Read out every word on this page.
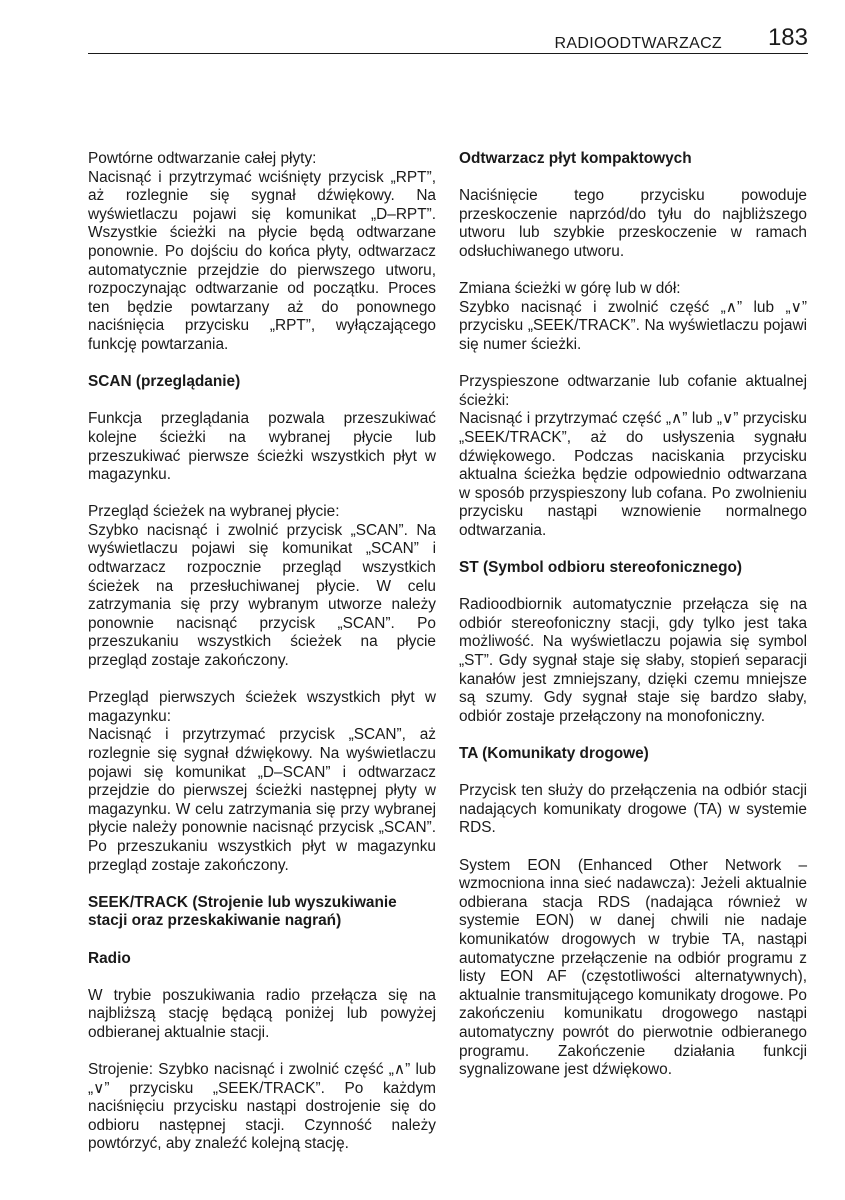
RADIOODTWARZACZ 183

Powtórne odtwarzanie całej płyty:
Nacisnąć i przytrzymać wciśnięty przycisk „RPT”, aż rozlegnie się sygnał dźwiękowy. Na wyświetlaczu pojawi się komunikat „D–RPT”. Wszystkie ścieżki na płycie będą odtwarzane ponownie. Po dojściu do końca płyty, odtwarzacz automatycznie przejdzie do pierwszego utworu, rozpoczynając odtwarzanie od początku. Proces ten będzie powtarzany aż do ponownego naciśnięcia przycisku „RPT”, wyłączającego funkcję powtarzania.

SCAN (przeglądanie)

Funkcja przeglądania pozwala przeszukiwać kolejne ścieżki na wybranej płycie lub przeszukiwać pierwsze ścieżki wszystkich płyt w magazynku.

Przegląd ścieżek na wybranej płycie:
Szybko nacisnąć i zwolnić przycisk „SCAN”. Na wyświetlaczu pojawi się komunikat „SCAN” i odtwarzacz rozpocznie przegląd wszystkich ścieżek na przesłuchiwanej płycie. W celu zatrzymania się przy wybranym utworze należy ponownie nacisnąć przycisk „SCAN”. Po przeszukaniu wszystkich ścieżek na płycie przegląd zostaje zakończony.

Przegląd pierwszych ścieżek wszystkich płyt w magazynku:
Nacisnąć i przytrzymać przycisk „SCAN”, aż rozlegnie się sygnał dźwiękowy. Na wyświetlaczu pojawi się komunikat „D–SCAN” i odtwarzacz przejdzie do pierwszej ścieżki następnej płyty w magazynku. W celu zatrzymania się przy wybranej płycie należy ponownie nacisnąć przycisk „SCAN”. Po przeszukaniu wszystkich płyt w magazynku przegląd zostaje zakończony.

SEEK/TRACK (Strojenie lub wyszukiwanie stacji oraz przeskakiwanie nagrań)
Radio

W trybie poszukiwania radio przełącza się na najbliższą stację będącą poniżej lub powyżej odbieranej aktualnie stacji.

Strojenie: Szybko nacisnąć i zwolnić część „∧” lub „∨” przycisku „SEEK/TRACK”. Po każdym naciśnięciu przycisku nastąpi dostrojenie się do odbioru następnej stacji. Czynność należy powtórzyć, aby znaleźć kolejną stację.

Odtwarzacz płyt kompaktowych

Naciśnięcie tego przycisku powoduje przeskoczenie naprzód/do tyłu do najbliższego utworu lub szybkie przeskoczenie w ramach odsłuchiwanego utworu.

Zmiana ścieżki w górę lub w dół:
Szybko nacisnąć i zwolnić część „∧” lub „∨” przycisku „SEEK/TRACK”. Na wyświetlaczu pojawi się numer ścieżki.

Przyspieszone odtwarzanie lub cofanie aktualnej ścieżki:
Nacisnąć i przytrzymać część „∧” lub „∨” przycisku „SEEK/TRACK”, aż do usłyszenia sygnału dźwiękowego. Podczas naciskania przycisku aktualna ścieżka będzie odpowiednio odtwarzana w sposób przyspieszony lub cofana. Po zwolnieniu przycisku nastąpi wznowienie normalnego odtwarzania.

ST (Symbol odbioru stereofonicznego)

Radioodbiornik automatycznie przełącza się na odbiór stereofoniczny stacji, gdy tylko jest taka możliwość. Na wyświetlaczu pojawia się symbol „ST”. Gdy sygnał staje się słaby, stopień separacji kanałów jest zmniejszany, dzięki czemu mniejsze są szumy. Gdy sygnał staje się bardzo słaby, odbiór zostaje przełączony na monofoniczny.

TA (Komunikaty drogowe)

Przycisk ten służy do przełączenia na odbiór stacji nadających komunikaty drogowe (TA) w systemie RDS.

System EON (Enhanced Other Network – wzmocniona inna sieć nadawcza): Jeżeli aktualnie odbierana stacja RDS (nadająca również w systemie EON) w danej chwili nie nadaje komunikatów drogowych w trybie TA, nastąpi automatyczne przełączenie na odbiór programu z listy EON AF (częstotliwości alternatywnych), aktualnie transmitującego komunikaty drogowe. Po zakończeniu komunikatu drogowego nastąpi automatyczny powrót do pierwotnie odbieranego programu. Zakończenie działania funkcji sygnalizowane jest dźwiękowo.
